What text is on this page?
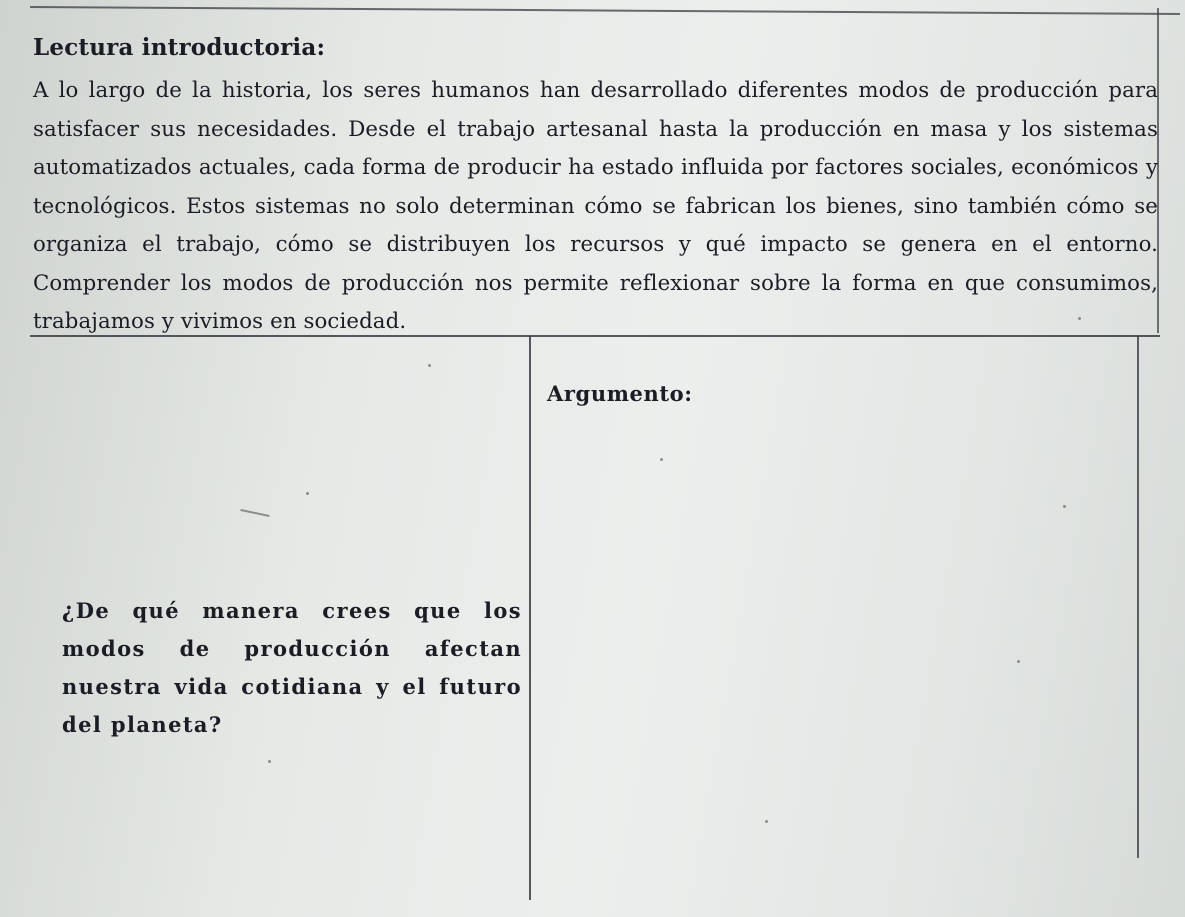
Lectura introductoria:

A lo largo de la historia, los seres humanos han desarrollado diferentes modos de producción para satisfacer sus necesidades. Desde el trabajo artesanal hasta la producción en masa y los sistemas automatizados actuales, cada forma de producir ha estado influida por factores sociales, económicos y tecnológicos. Estos sistemas no solo determinan cómo se fabrican los bienes, sino también cómo se organiza el trabajo, cómo se distribuyen los recursos y qué impacto se genera en el entorno. Comprender los modos de producción nos permite reflexionar sobre la forma en que consumimos, trabajamos y vivimos en sociedad.

¿De qué manera crees que los modos de producción afectan nuestra vida cotidiana y el futuro del planeta?

Argumento:
